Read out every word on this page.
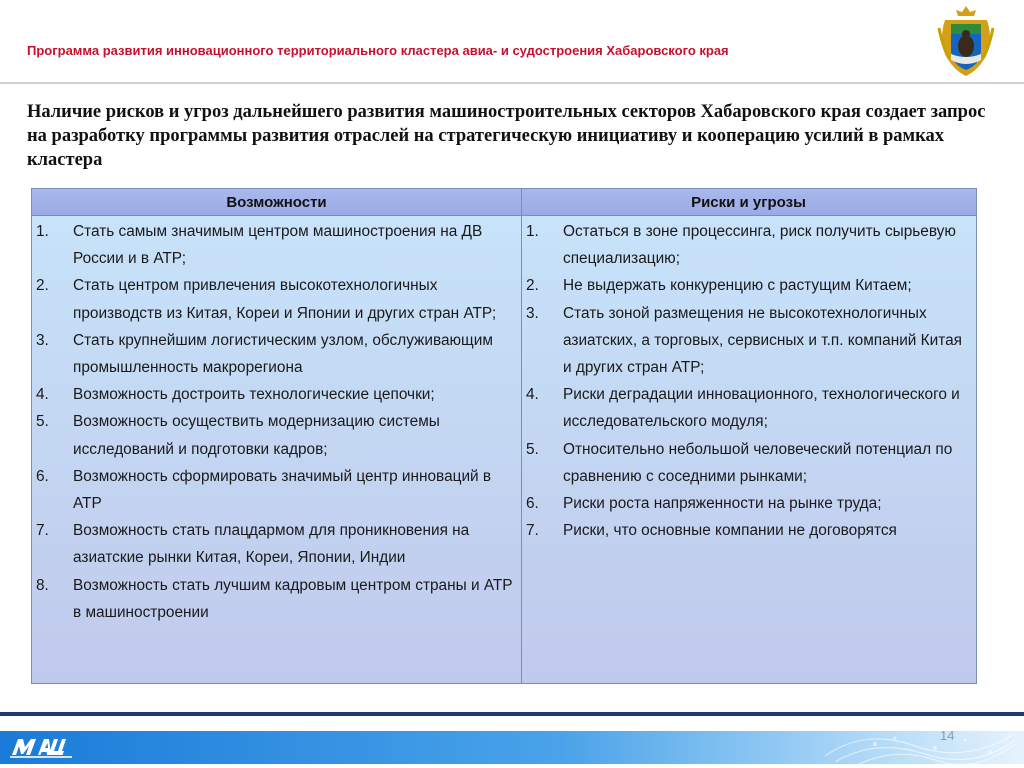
Программа развития инновационного территориального кластера авиа- и судостроения Хабаровского края
Наличие рисков и угроз дальнейшего развития машиностроительных секторов Хабаровского края создает запрос на разработку программы развития отраслей на стратегическую инициативу и кооперацию усилий в рамках кластера
Возможности	Риски и угрозы
1. Стать самым значимым центром машиностроения на ДВ России и в АТР;
2. Стать центром привлечения высокотехнологичных производств из Китая, Кореи и Японии и других стран АТР;
3. Стать крупнейшим логистическим узлом, обслуживающим промышленность макрорегиона
4. Возможность достроить технологические цепочки;
5. Возможность осуществить модернизацию системы исследований и подготовки кадров;
6. Возможность сформировать значимый центр инноваций в АТР
7. Возможность стать плацдармом для проникновения на азиатские рынки Китая, Кореи, Японии, Индии
8. Возможность стать лучшим кадровым центром страны и АТР в машиностроении
1. Остаться в зоне процессинга, риск получить сырьевую специализацию;
2. Не выдержать конкуренцию с растущим Китаем;
3. Стать зоной размещения не высокотехнологичных азиатских, а торговых, сервисных и т.п. компаний Китая и других стран АТР;
4. Риски деградации инновационного, технологического и исследовательского модуля;
5. Относительно небольшой человеческий потенциал по сравнению с соседними рынками;
6. Риски роста напряженности на рынке труда;
7. Риски, что основные компании не договорятся
14
